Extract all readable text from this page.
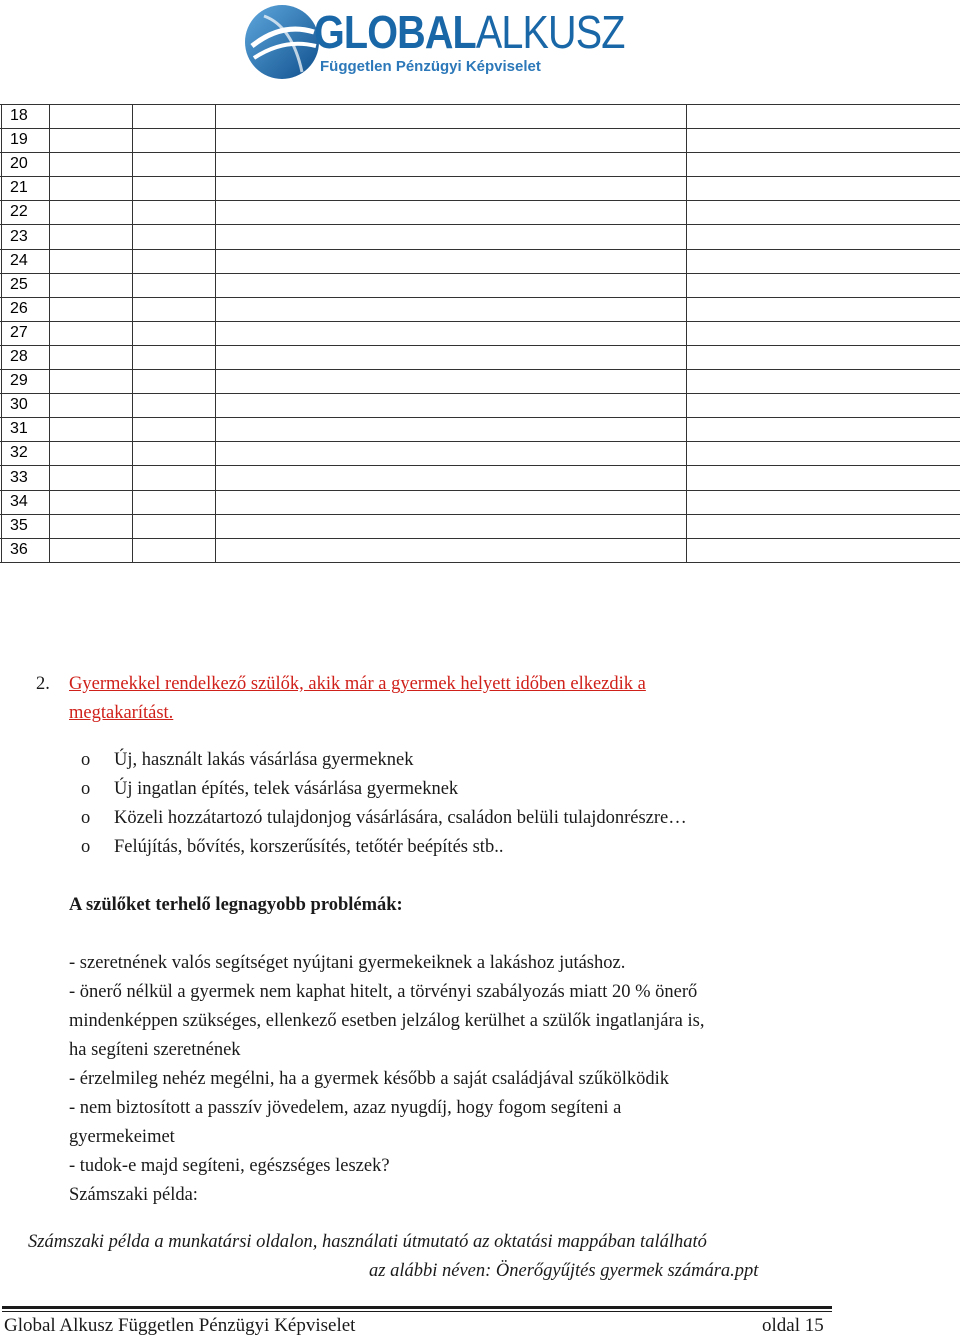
GLOBALALKUSZ
Független Pénzügyi Képviselet
18
19
20
21
22
23
24
25
26
27
28
29
30
31
32
33
34
35
36
2. Gyermekkel rendelkező szülők, akik már a gyermek helyett időben elkezdik a
megtakarítást.
o Új, használt lakás vásárlása gyermeknek
o Új ingatlan építés, telek vásárlása gyermeknek
o Közeli hozzátartozó tulajdonjog vásárlására, családon belüli tulajdonrészre…
o Felújítás, bővítés, korszerűsítés, tetőtér beépítés stb..
A szülőket terhelő legnagyobb problémák:
- szeretnének valós segítséget nyújtani gyermekeiknek a lakáshoz jutáshoz.
- önerő nélkül a gyermek nem kaphat hitelt, a törvényi szabályozás miatt 20 % önerő
mindenképpen szükséges, ellenkező esetben jelzálog kerülhet a szülők ingatlanjára is,
ha segíteni szeretnének
- érzelmileg nehéz megélni, ha a gyermek később a saját családjával szűkölködik
- nem biztosított a passzív jövedelem, azaz nyugdíj, hogy fogom segíteni a
gyermekeimet
- tudok-e majd segíteni, egészséges leszek?
Számszaki példa:
Számszaki példa a munkatársi oldalon, használati útmutató az oktatási mappában található
az alábbi néven: Önerőgyűjtés gyermek számára.ppt
Global Alkusz Független Pénzügyi Képviselet	oldal 15
